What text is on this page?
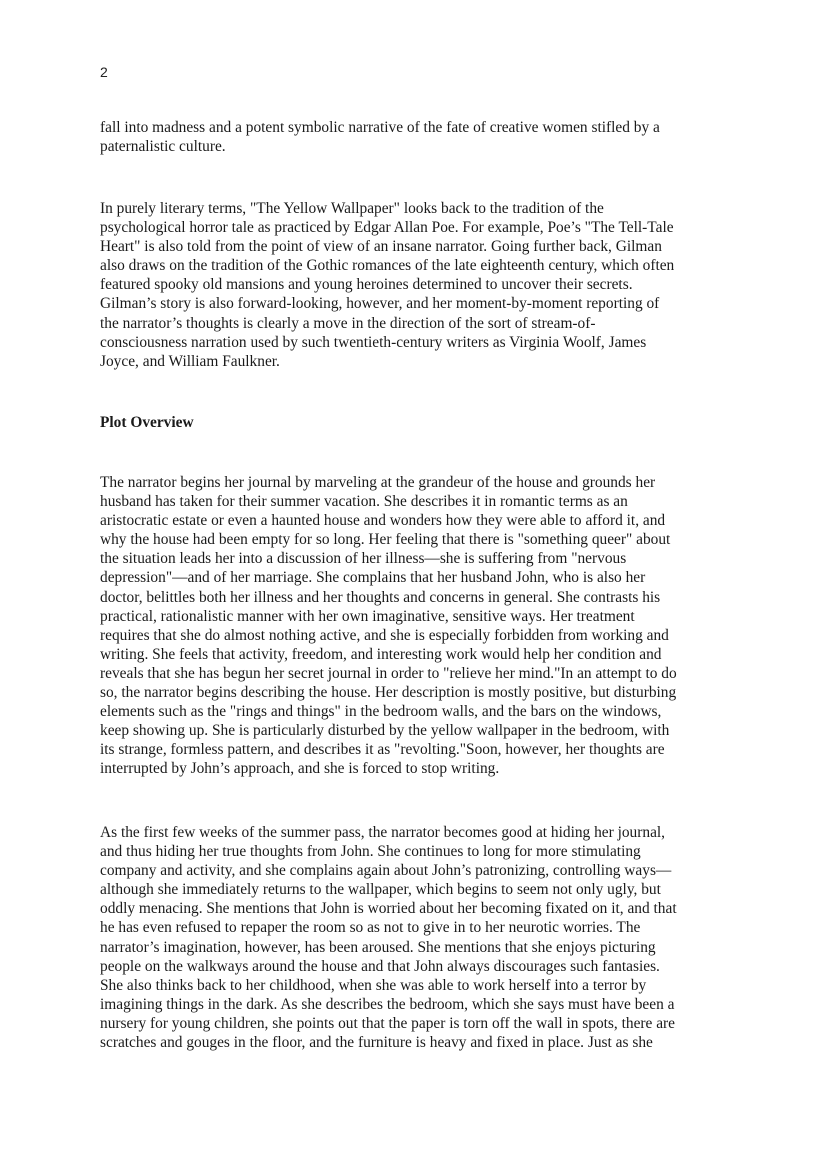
2

fall into madness and a potent symbolic narrative of the fate of creative women stifled by a
paternalistic culture.

In purely literary terms, "The Yellow Wallpaper" looks back to the tradition of the
psychological horror tale as practiced by Edgar Allan Poe. For example, Poe’s "The Tell-Tale
Heart" is also told from the point of view of an insane narrator. Going further back, Gilman
also draws on the tradition of the Gothic romances of the late eighteenth century, which often
featured spooky old mansions and young heroines determined to uncover their secrets.
Gilman’s story is also forward-looking, however, and her moment-by-moment reporting of
the narrator’s thoughts is clearly a move in the direction of the sort of stream-of-
consciousness narration used by such twentieth-century writers as Virginia Woolf, James
Joyce, and William Faulkner.

Plot Overview

The narrator begins her journal by marveling at the grandeur of the house and grounds her
husband has taken for their summer vacation. She describes it in romantic terms as an
aristocratic estate or even a haunted house and wonders how they were able to afford it, and
why the house had been empty for so long. Her feeling that there is "something queer" about
the situation leads her into a discussion of her illness—she is suffering from "nervous
depression"—and of her marriage. She complains that her husband John, who is also her
doctor, belittles both her illness and her thoughts and concerns in general. She contrasts his
practical, rationalistic manner with her own imaginative, sensitive ways. Her treatment
requires that she do almost nothing active, and she is especially forbidden from working and
writing. She feels that activity, freedom, and interesting work would help her condition and
reveals that she has begun her secret journal in order to "relieve her mind."In an attempt to do
so, the narrator begins describing the house. Her description is mostly positive, but disturbing
elements such as the "rings and things" in the bedroom walls, and the bars on the windows,
keep showing up. She is particularly disturbed by the yellow wallpaper in the bedroom, with
its strange, formless pattern, and describes it as "revolting."Soon, however, her thoughts are
interrupted by John’s approach, and she is forced to stop writing.

As the first few weeks of the summer pass, the narrator becomes good at hiding her journal,
and thus hiding her true thoughts from John. She continues to long for more stimulating
company and activity, and she complains again about John’s patronizing, controlling ways—
although she immediately returns to the wallpaper, which begins to seem not only ugly, but
oddly menacing. She mentions that John is worried about her becoming fixated on it, and that
he has even refused to repaper the room so as not to give in to her neurotic worries. The
narrator’s imagination, however, has been aroused. She mentions that she enjoys picturing
people on the walkways around the house and that John always discourages such fantasies.
She also thinks back to her childhood, when she was able to work herself into a terror by
imagining things in the dark. As she describes the bedroom, which she says must have been a
nursery for young children, she points out that the paper is torn off the wall in spots, there are
scratches and gouges in the floor, and the furniture is heavy and fixed in place. Just as she
